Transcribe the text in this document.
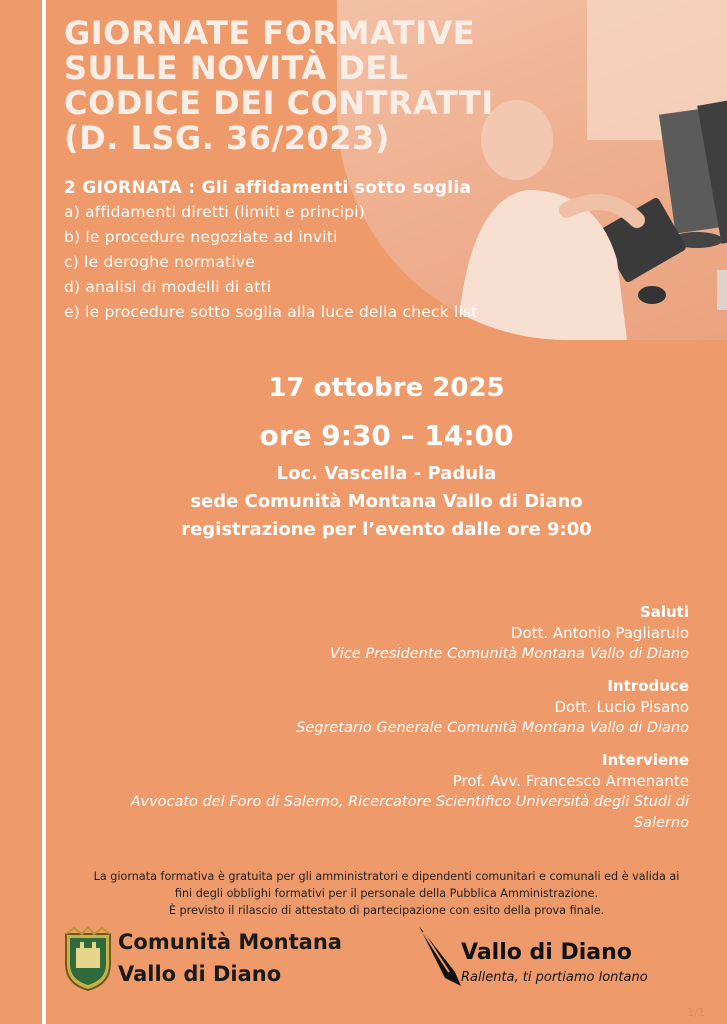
GIORNATE FORMATIVE
SULLE NOVITÀ DEL
CODICE DEI CONTRATTI
(D. LSG. 36/2023)
2 GIORNATA : Gli affidamenti sotto soglia
a) affidamenti diretti (limiti e principi)
b) le procedure negoziate ad inviti
c) le deroghe normative
d) analisi di modelli di atti
e) le procedure sotto soglia alla luce della check list
17 ottobre 2025
ore 9:30 – 14:00
Loc. Vascella - Padula
sede Comunità Montana Vallo di Diano
registrazione per l’evento dalle ore 9:00
Saluti
Dott. Antonio Pagliarulo
Vice Presidente Comunità Montana Vallo di Diano
Introduce
Dott. Lucio Pisano
Segretario Generale Comunità Montana Vallo di Diano
Interviene
Prof. Avv. Francesco Armenante
Avvocato del Foro di Salerno, Ricercatore Scientifico Università degli Studi di
Salerno
La giornata formativa è gratuita per gli amministratori e dipendenti comunitari e comunali ed è valida ai
fini degli obblighi formativi per il personale della Pubblica Amministrazione.
È previsto il rilascio di attestato di partecipazione con esito della prova finale.
Comunità Montana
Vallo di Diano
Vallo di Diano
Rallenta, ti portiamo lontano
1/1
